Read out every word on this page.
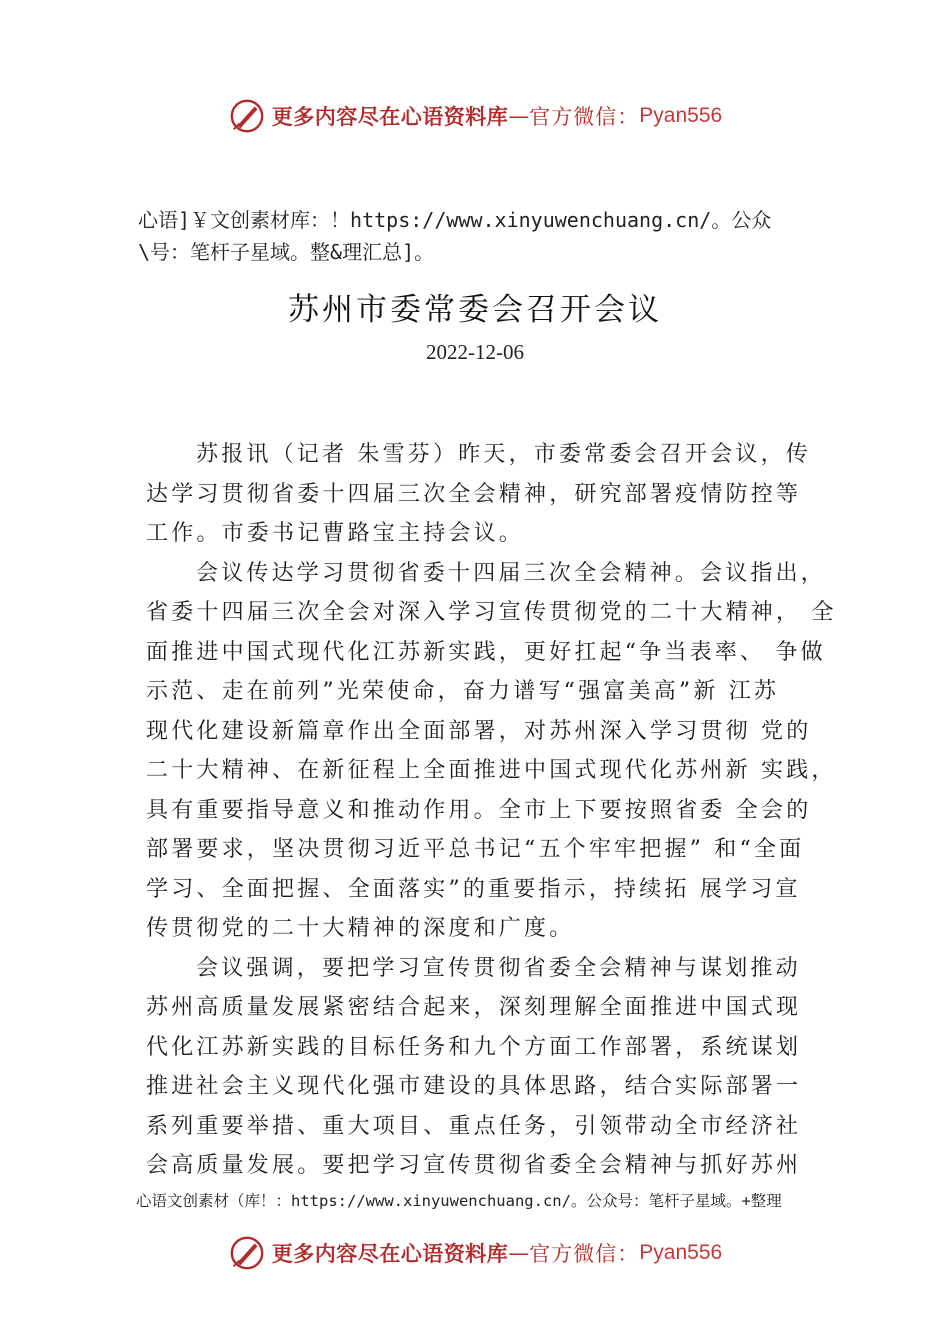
更多内容尽在心语资料库 — 官方微信： Pyan556
心语]￥文创素材库：！https://www.xinyuwenchuang.cn/。公众
\号：笔杆子星域。整&理汇总]。
苏州市委常委会召开会议
2022-12-06
苏报讯（记者 朱雪芬）昨天，市委常委会召开会议，传
达学习贯彻省委十四届三次全会精神，研究部署疫情防控等
工作。市委书记曹路宝主持会议。
会议传达学习贯彻省委十四届三次全会精神。会议指出，
省委十四届三次全会对深入学习宣传贯彻党的二十大精神， 全
面推进中国式现代化江苏新实践，更好扛起“争当表率、 争做
示范、走在前列”光荣使命，奋力谱写“强富美高”新 江苏
现代化建设新篇章作出全面部署，对苏州深入学习贯彻 党的
二十大精神、在新征程上全面推进中国式现代化苏州新 实践，
具有重要指导意义和推动作用。全市上下要按照省委 全会的
部署要求，坚决贯彻习近平总书记“五个牢牢把握” 和“全面
学习、全面把握、全面落实”的重要指示，持续拓 展学习宣
传贯彻党的二十大精神的深度和广度。
会议强调，要把学习宣传贯彻省委全会精神与谋划推动
苏州高质量发展紧密结合起来，深刻理解全面推进中国式现
代化江苏新实践的目标任务和九个方面工作部署，系统谋划
推进社会主义现代化强市建设的具体思路，结合实际部署一
系列重要举措、重大项目、重点任务，引领带动全市经济社
会高质量发展。要把学习宣传贯彻省委全会精神与抓好苏州
心语文创素材（库！：https://www.xinyuwenchuang.cn/。公众号：笔杆子星域。+整理
更多内容尽在心语资料库 — 官方微信： Pyan556
